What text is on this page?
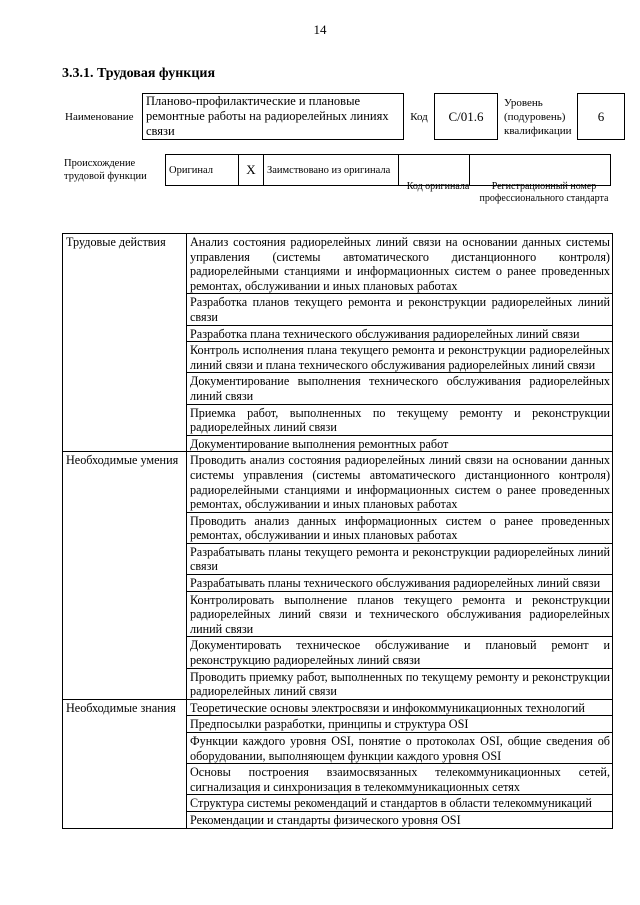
14
3.3.1. Трудовая функция
Наименование	Планово-профилактические и плановые ремонтные работы на радиорелейных линиях связи	Код	C/01.6	Уровень (подуровень) квалификации	6
Происхождение трудовой функции	Оригинал	X	Заимствовано из оригинала		
Код оригинала	Регистрационный номер профессионального стандарта
Трудовые действия	Анализ состояния радиорелейных линий связи на основании данных системы управления (системы автоматического дистанционного контроля) радиорелейными станциями и информационных систем о ранее проведенных ремонтах, обслуживании и иных плановых работах
	Разработка планов текущего ремонта и реконструкции радиорелейных линий связи
	Разработка плана технического обслуживания радиорелейных линий связи
	Контроль исполнения плана текущего ремонта и реконструкции радиорелейных линий связи и плана технического обслуживания радиорелейных линий связи
	Документирование выполнения технического обслуживания радиорелейных линий связи
	Приемка работ, выполненных по текущему ремонту и реконструкции радиорелейных линий связи
	Документирование выполнения ремонтных работ
Необходимые умения	Проводить анализ состояния радиорелейных линий связи на основании данных системы управления (системы автоматического дистанционного контроля) радиорелейными станциями и информационных систем о ранее проведенных ремонтах, обслуживании и иных плановых работах
	Проводить анализ данных информационных систем о ранее проведенных ремонтах, обслуживании и иных плановых работах
	Разрабатывать планы текущего ремонта и реконструкции радиорелейных линий связи
	Разрабатывать планы технического обслуживания радиорелейных линий связи
	Контролировать выполнение планов текущего ремонта и реконструкции радиорелейных линий связи и технического обслуживания радиорелейных линий связи
	Документировать техническое обслуживание и плановый ремонт и реконструкцию радиорелейных линий связи
	Проводить приемку работ, выполненных по текущему ремонту и реконструкции радиорелейных линий связи
Необходимые знания	Теоретические основы электросвязи и инфокоммуникационных технологий
	Предпосылки разработки, принципы и структура OSI
	Функции каждого уровня OSI, понятие о протоколах OSI, общие сведения об оборудовании, выполняющем функции каждого уровня OSI
	Основы построения взаимосвязанных телекоммуникационных сетей, сигнализация и синхронизация в телекоммуникационных сетях
	Структура системы рекомендаций и стандартов в области телекоммуникаций
	Рекомендации и стандарты физического уровня OSI
